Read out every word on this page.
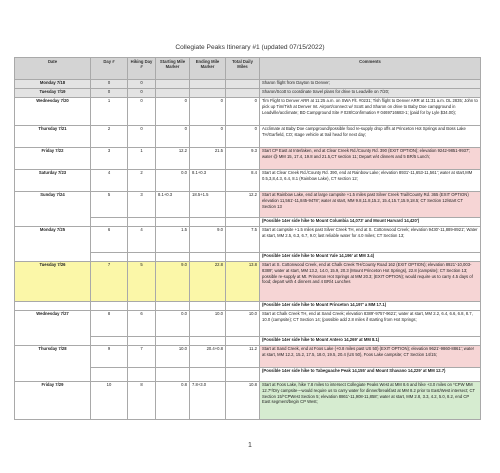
Collegiate Peaks Itinerary #1 (updated 07/15/2022)
Date	Day #	Hiking Day #	Starting Mile Marker	Ending Mile Marker	Total Daily Miles	Comments
Monday 7/18	0	0				Sharon flight from Dayton to Denver;
Tuesday 7/19	0	0				Sharon/Scott to coordinate travel plans for drive to Leadville on 7/20;
Wednesday 7/20	1	0	0	0	0	Tim Flight to Denver ARR at 11:25 a.m. on SWA Flt. #0231; Tish flight to Denver ARR at 11:31 a.m. DL 2835; John to pick up Tim/Tish at Denver Int. Airport/connect w/ Scott and Sharon on drive to Baby Doe campground in Leadville/acclimate; BD Campground Site # 028/Confirmation # 0469716683-1; (paid for by Lyle $34.00);
Thursday 7/21	2	0	0	0	0	Acclimate at Baby Doe campground/possible food re-supply drop offs at Princeton Hot Springs and Boss Lake TH/Garfield, CO; stage vehicle at trail head for next day;
Friday 7/22	3	1	12.2	21.5	9.3	Start CP East at Interlaken, end at Clear Creek Rd./County Rd. 390 (EXIT OPTION); elevation 9242-9851-9937'; water @ MM 15, 17.4, 19.8 and 21.5,CT section 11; Depart w/4 dinners and 5 BR/5 Lunch;
Saturday 7/23	4	2	0.0	8.1+0.3	8.4	Start at Clear Creek Rd./County Rd. 390, end at Rainbow Lake; elevation 8931'-11,653-11,561'; water at start,MM 0.5,3,8,4.3, 6.4, 8.1 (Rainbow Lake), CT section 12;
Sunday 7/24	5	3	8.1+0.3	18.5+1.5	12.2	Start at Rainbow Lake, end at large campsite +1.5 miles past Silver Creek Trail/County Rd. 365 (EXIT OPTION) elevation 11,561'-11,845-9478'; water at start, MM 9.8,11.8,15.2, 15.4,15.7,15.9,18.5; CT Section 12/start CT Section 13
						(Possible 14er side hike to Mount Columbia 14,073' and Mount Harvard 14,420')
Monday 7/25	6	4	1.5	9.0	7.5	Start at campsite +1.5 miles past Silver Creek TH, end at S. Cottonwood Creek; elevation 9430'-11,889-8921'; Water at start, MM 2.5, 6.3, 6.7, 9.0; last reliable water for 4.0 miles; CT Section 13;
						(Possible 14er side hike to Mount Yale 14,196' at MM 3.4)
Tuesday 7/26	7	5	9.0	22.8	13.8	Start at S. Cottonwood Creek, end at Chalk Creek TH/County Road 162 (EXIT OPTION); elevation 8921'-10,003-8389'; water at start, MM 13.2, 14.0, 15.9, 20.3 (Mount Princeton Hot Springs), 22.8 (campsite); CT Section 13; possible re-supply at Mt. Princeton Hot Springs at MM 20.3; (EXIT OPTION); would require us to carry 4.5 days of food; depart with 4 dinners and 4 BR/4 Lunches
						(Possible 14er side hike to Mount Princeton 14,197' a MM 17.1)
Wednesday 7/27	8	6	0.0	10.0	10.0	Start at Chalk Creek TH, end at Sand Creek; elevation 8389'-9757-9621'; water at start, MM 2.2, 6.4, 6.6, 6.8, 8.7, 10.0 (campsite); CT Section 14; (possible add 2.8 miles if starting from Hot Springs;
						(Possible 14er side hike to Mount Antero 14,269' at MM 8.1)
Thursday 7/28	9	7	10.0	20.4+0.8	11.2	Start at Sand Creek, end at Foos Lake (+0.8 miles past US 50) (EXIT OPTION); elevation 9621'-9860-8861'; water at start, MM 12.2, 15.2, 17.5, 18.0, 19.5, 20.4 (US 50), Foos Lake campsite; CT Section 14/15;
						(Possible 14er side hike to Tabeguache Peak 14,155' and Mount Shavano 14,229' at MM 12.7)
Friday 7/29	10	8	0.8	7.8+3.0	10.8	Start at Foos Lake, hike 7.8 miles to intersect Collegiate Peaks West at MM 8.6 and hike +3.0 miles on *CPW MM 12.7*/Dry campsite---would require us to carry water for dinner/breakfast at MM 8.2 prior to East/West intersect; CT Section 15/*CPWest Section 5; elevation 8861'-11,908-11,858'; water at start, MM 2.8, 3.3, 4.2, 5.0, 8.2, end CP East segment/begin CP West;
1
